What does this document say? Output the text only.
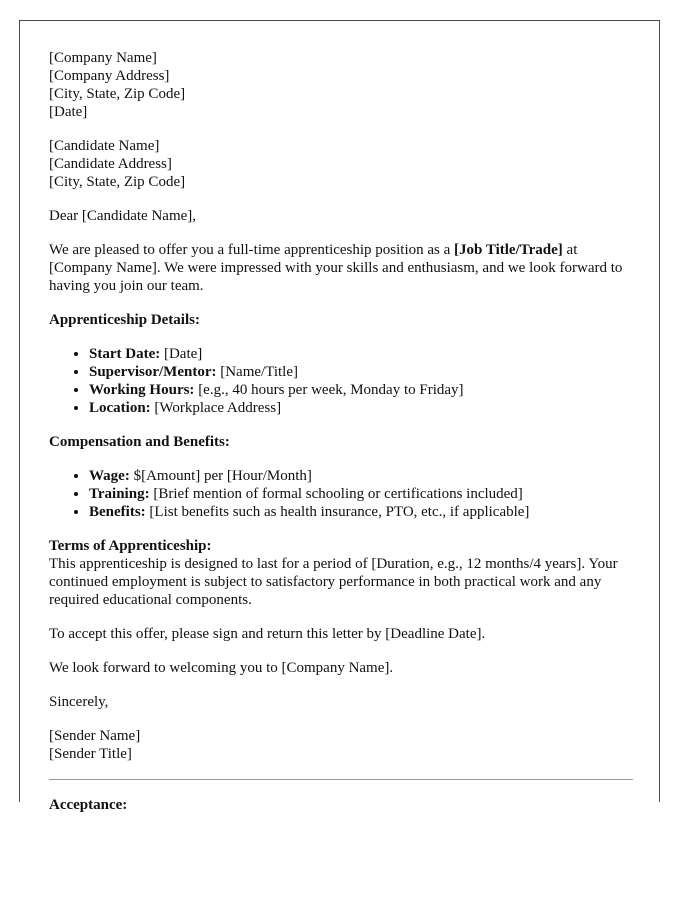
[Company Name]
[Company Address]
[City, State, Zip Code]
[Date]
[Candidate Name]
[Candidate Address]
[City, State, Zip Code]

Dear [Candidate Name],

We are pleased to offer you a full-time apprenticeship position as a [Job Title/Trade] at [Company Name]. We were impressed with your skills and enthusiasm, and we look forward to having you join our team.

Apprenticeship Details:
• Start Date: [Date]
• Supervisor/Mentor: [Name/Title]
• Working Hours: [e.g., 40 hours per week, Monday to Friday]
• Location: [Workplace Address]
Compensation and Benefits:
• Wage: $[Amount] per [Hour/Month]
• Training: [Brief mention of formal schooling or certifications included]
• Benefits: [List benefits such as health insurance, PTO, etc., if applicable]
Terms of Apprenticeship:
This apprenticeship is designed to last for a period of [Duration, e.g., 12 months/4 years]. Your continued employment is subject to satisfactory performance in both practical work and any required educational components.

To accept this offer, please sign and return this letter by [Deadline Date].

We look forward to welcoming you to [Company Name].

Sincerely,

[Sender Name]
[Sender Title]
Acceptance:
